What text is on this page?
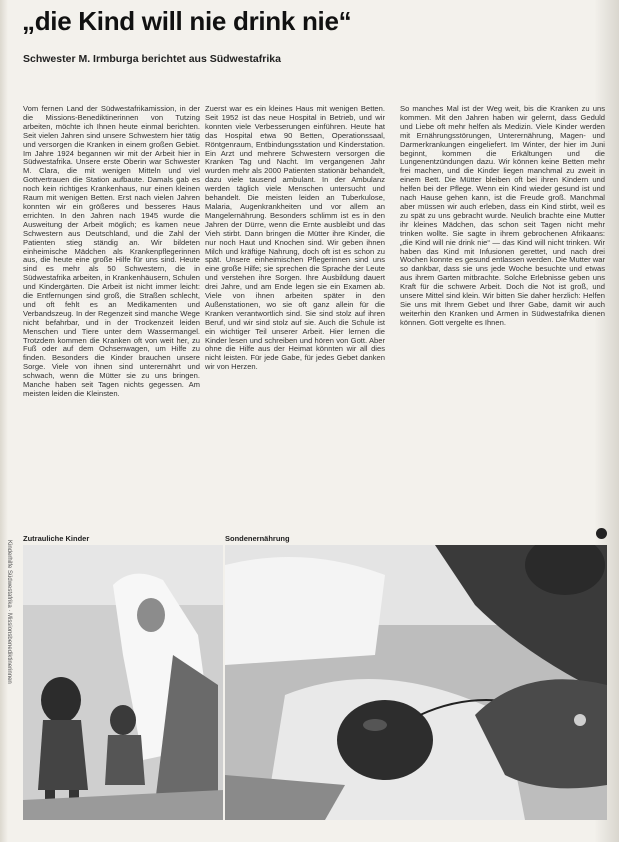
„die Kind will nie drink nie“
Schwester M. Irmburga berichtet aus Südwestafrika

Vom fernen Land der Südwestafrikamission, in der die Missions-Benediktinerinnen von Tutzing arbeiten, möchte ich Ihnen heute einmal berichten. Seit vielen Jahren sind unsere Schwestern hier tätig und versorgen die Kranken in einem großen Gebiet. Im Jahre 1924 begannen wir mit der Arbeit hier in Südwestafrika. Unsere erste Oberin war Schwester M. Clara, die mit wenigen Mitteln und viel Gottvertrauen die Station aufbaute. Damals gab es noch kein richtiges Krankenhaus, nur einen kleinen Raum mit wenigen Betten. Erst nach vielen Jahren konnten wir ein größeres und besseres Haus errichten. In den Jahren nach 1945 wurde die Ausweitung der Arbeit möglich; es kamen neue Schwestern aus Deutschland, und die Zahl der Patienten stieg ständig an. Wir bildeten einheimische Mädchen als Krankenpflegerinnen aus, die heute eine große Hilfe für uns sind. Heute sind es mehr als 50 Schwestern, die in Südwestafrika arbeiten, in Krankenhäusern, Schulen und Kindergärten. Die Arbeit ist nicht immer leicht: die Entfernungen sind groß, die Straßen schlecht, und oft fehlt es an Medikamenten und Verbandszeug. In der Regenzeit sind manche Wege nicht befahrbar, und in der Trockenzeit leiden Menschen und Tiere unter dem Wassermangel. Trotzdem kommen die Kranken oft von weit her, zu Fuß oder auf dem Ochsenwagen, um Hilfe zu finden. Besonders die Kinder brauchen unsere Sorge. Viele von ihnen sind unterernährt und schwach, wenn die Mütter sie zu uns bringen. Manche haben seit Tagen nichts gegessen. Am meisten leiden die Kleinsten.

Zuerst war es ein kleines Haus mit wenigen Betten. Seit 1952 ist das neue Hospital in Betrieb, und wir konnten viele Verbesserungen einführen. Heute hat das Hospital etwa 90 Betten, Operationssaal, Röntgenraum, Entbindungsstation und Kinderstation. Ein Arzt und mehrere Schwestern versorgen die Kranken Tag und Nacht. Im vergangenen Jahr wurden mehr als 2000 Patienten stationär behandelt, dazu viele tausend ambulant. In der Ambulanz werden täglich viele Menschen untersucht und behandelt. Die meisten leiden an Tuberkulose, Malaria, Augenkrankheiten und vor allem an Mangelernährung. Besonders schlimm ist es in den Jahren der Dürre, wenn die Ernte ausbleibt und das Vieh stirbt. Dann bringen die Mütter ihre Kinder, die nur noch Haut und Knochen sind. Wir geben ihnen Milch und kräftige Nahrung, doch oft ist es schon zu spät. Unsere einheimischen Pflegerinnen sind uns eine große Hilfe; sie sprechen die Sprache der Leute und verstehen ihre Sorgen. Ihre Ausbildung dauert drei Jahre, und am Ende legen sie ein Examen ab. Viele von ihnen arbeiten später in den Außenstationen, wo sie oft ganz allein für die Kranken verantwortlich sind. Sie sind stolz auf ihren Beruf, und wir sind stolz auf sie. Auch die Schule ist ein wichtiger Teil unserer Arbeit. Hier lernen die Kinder lesen und schreiben und hören von Gott. Aber ohne die Hilfe aus der Heimat könnten wir all dies nicht leisten. Für jede Gabe, für jedes Gebet danken wir von Herzen.

So manches Mal ist der Weg weit, bis die Kranken zu uns kommen. Mit den Jahren haben wir gelernt, dass Geduld und Liebe oft mehr helfen als Medizin. Viele Kinder werden mit Ernährungsstörungen, Unterernährung, Magen- und Darmerkrankungen eingeliefert. Im Winter, der hier im Juni beginnt, kommen die Erkältungen und die Lungenentzündungen dazu. Wir können keine Betten mehr frei machen, und die Kinder liegen manchmal zu zweit in einem Bett. Die Mütter bleiben oft bei ihren Kindern und helfen bei der Pflege. Wenn ein Kind wieder gesund ist und nach Hause gehen kann, ist die Freude groß. Manchmal aber müssen wir auch erleben, dass ein Kind stirbt, weil es zu spät zu uns gebracht wurde. Neulich brachte eine Mutter ihr kleines Mädchen, das schon seit Tagen nicht mehr trinken wollte. Sie sagte in ihrem gebrochenen Afrikaans: „die Kind will nie drink nie“ — das Kind will nicht trinken. Wir haben das Kind mit Infusionen gerettet, und nach drei Wochen konnte es gesund entlassen werden. Die Mutter war so dankbar, dass sie uns jede Woche besuchte und etwas aus ihrem Garten mitbrachte. Solche Erlebnisse geben uns Kraft für die schwere Arbeit. Doch die Not ist groß, und unsere Mittel sind klein. Wir bitten Sie daher herzlich: Helfen Sie uns mit Ihrem Gebet und Ihrer Gabe, damit wir auch weiterhin den Kranken und Armen in Südwestafrika dienen können. Gott vergelte es Ihnen.

Zutrauliche Kinder	Sondenernährung
Kinderhilfe Südwestafrika · Missionsbenediktinerinnen
